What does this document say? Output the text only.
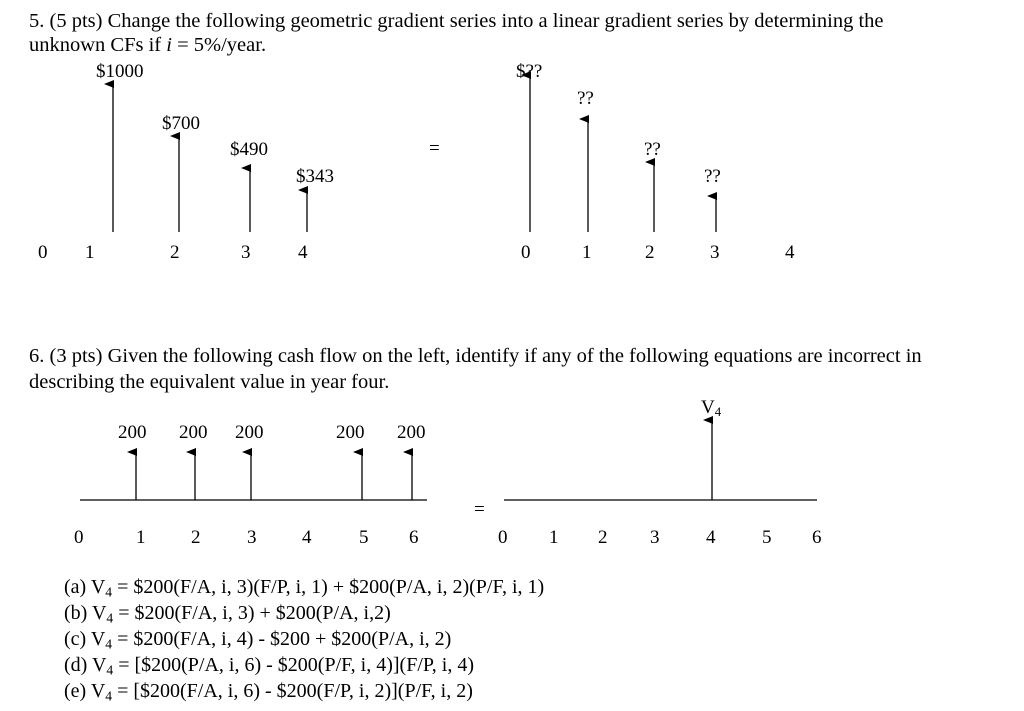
5. (5 pts) Change the following geometric gradient series into a linear gradient series by determining the
unknown CFs if i = 5%/year.
$1000
$700
$490
$343
0 1	2	3	4
=
$??
??
??
??
0	1	2	3	4
6. (3 pts) Given the following cash flow on the left, identify if any of the following equations are incorrect in
describing the equivalent value in year four.
200 200 200	200 200
0	1 2 3 4	5 6
=
$V_4$
0 1 2 3 4 5 6
(a) $V_4$ = $200(F/A, i, 3)(F/P, i, 1) + $200(P/A, i, 2)(P/F, i, 1)
(b) $V_4$ = $200(F/A, i, 3) + $200(P/A, i,2)
(c) $V_4$ = $200(F/A, i, 4) - $200 + $200(P/A, i, 2)
(d) $V_4$ = [$200(P/A, i, 6) - $200(P/F, i, 4)](F/P, i, 4)
(e) $V_4$ = [$200(F/A, i, 6) - $200(F/P, i, 2)](P/F, i, 2)
